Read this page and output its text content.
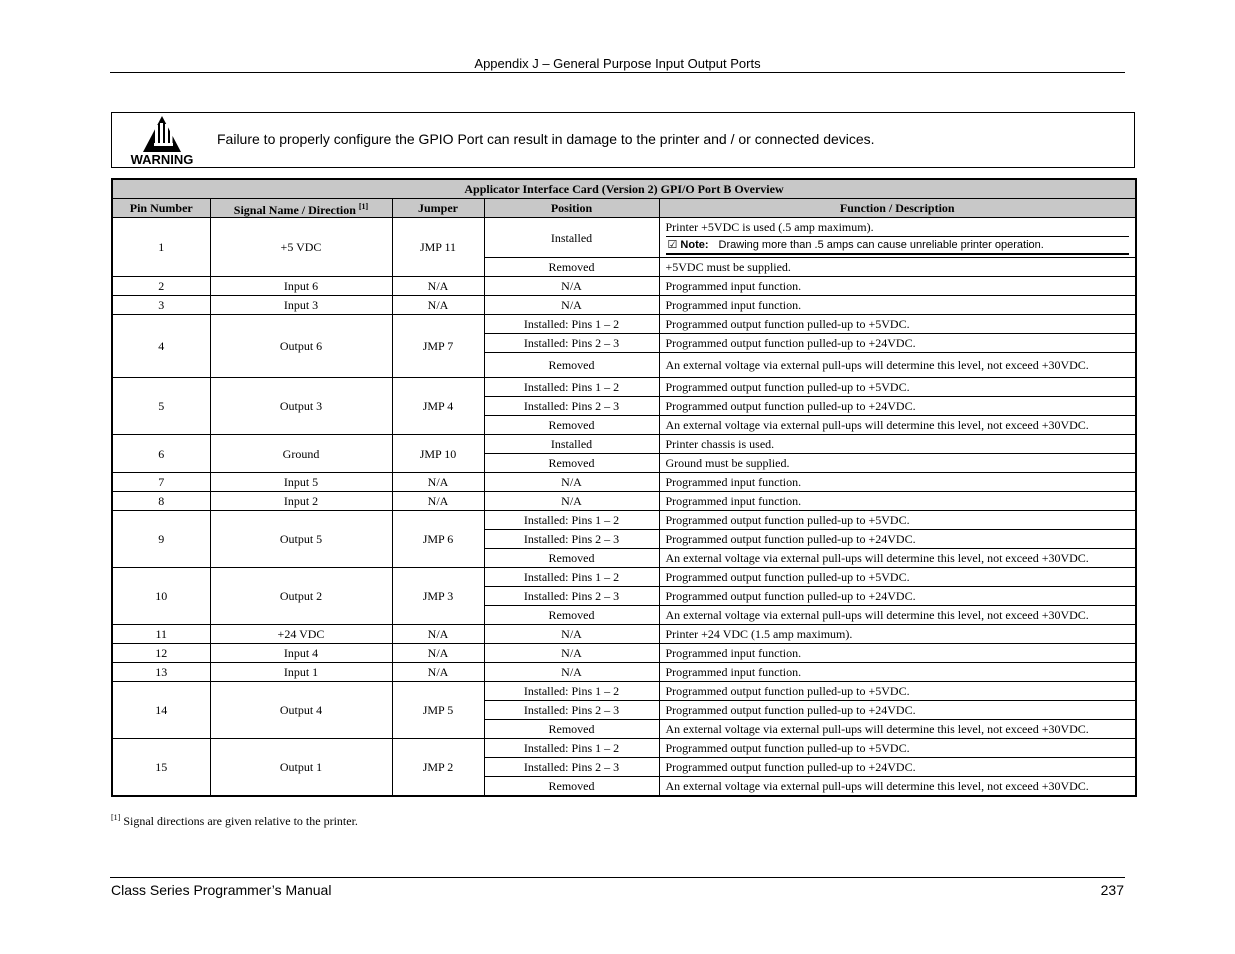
Appendix J – General Purpose Input Output Ports
WARNING
Failure to properly configure the GPIO Port can result in damage to the printer and / or connected devices.
Applicator Interface Card (Version 2) GPI/O Port B Overview				
Pin Number	Signal Name / Direction [1]	Jumper	Position	Function / Description
1	+5 VDC	JMP 11	Installed	Printer +5VDC is used (.5 amp maximum).
☑ Note: Drawing more than .5 amps can cause unreliable printer operation.

			Removed	+5VDC must be supplied.
2	Input 6	N/A	N/A	Programmed input function.
3	Input 3	N/A	N/A	Programmed input function.
4	Output 6	JMP 7	Installed: Pins 1 – 2	Programmed output function pulled-up to +5VDC.
			Installed: Pins 2 – 3	Programmed output function pulled-up to +24VDC.
			Removed	An external voltage via external pull-ups will determine this level, not exceed +30VDC.
5	Output 3	JMP 4	Installed: Pins 1 – 2	Programmed output function pulled-up to +5VDC.
			Installed: Pins 2 – 3	Programmed output function pulled-up to +24VDC.
			Removed	An external voltage via external pull-ups will determine this level, not exceed +30VDC.
6	Ground	JMP 10	Installed	Printer chassis is used.
			Removed	Ground must be supplied.
7	Input 5	N/A	N/A	Programmed input function.
8	Input 2	N/A	N/A	Programmed input function.
9	Output 5	JMP 6	Installed: Pins 1 – 2	Programmed output function pulled-up to +5VDC.
			Installed: Pins 2 – 3	Programmed output function pulled-up to +24VDC.
			Removed	An external voltage via external pull-ups will determine this level, not exceed +30VDC.
10	Output 2	JMP 3	Installed: Pins 1 – 2	Programmed output function pulled-up to +5VDC.
			Installed: Pins 2 – 3	Programmed output function pulled-up to +24VDC.
			Removed	An external voltage via external pull-ups will determine this level, not exceed +30VDC.
11	+24 VDC	N/A	N/A	Printer +24 VDC (1.5 amp maximum).
12	Input 4	N/A	N/A	Programmed input function.
13	Input 1	N/A	N/A	Programmed input function.
14	Output 4	JMP 5	Installed: Pins 1 – 2	Programmed output function pulled-up to +5VDC.
			Installed: Pins 2 – 3	Programmed output function pulled-up to +24VDC.
			Removed	An external voltage via external pull-ups will determine this level, not exceed +30VDC.
15	Output 1	JMP 2	Installed: Pins 1 – 2	Programmed output function pulled-up to +5VDC.
			Installed: Pins 2 – 3	Programmed output function pulled-up to +24VDC.
			Removed	An external voltage via external pull-ups will determine this level, not exceed +30VDC.
[1] Signal directions are given relative to the printer.
Class Series Programmer’s Manual	237
